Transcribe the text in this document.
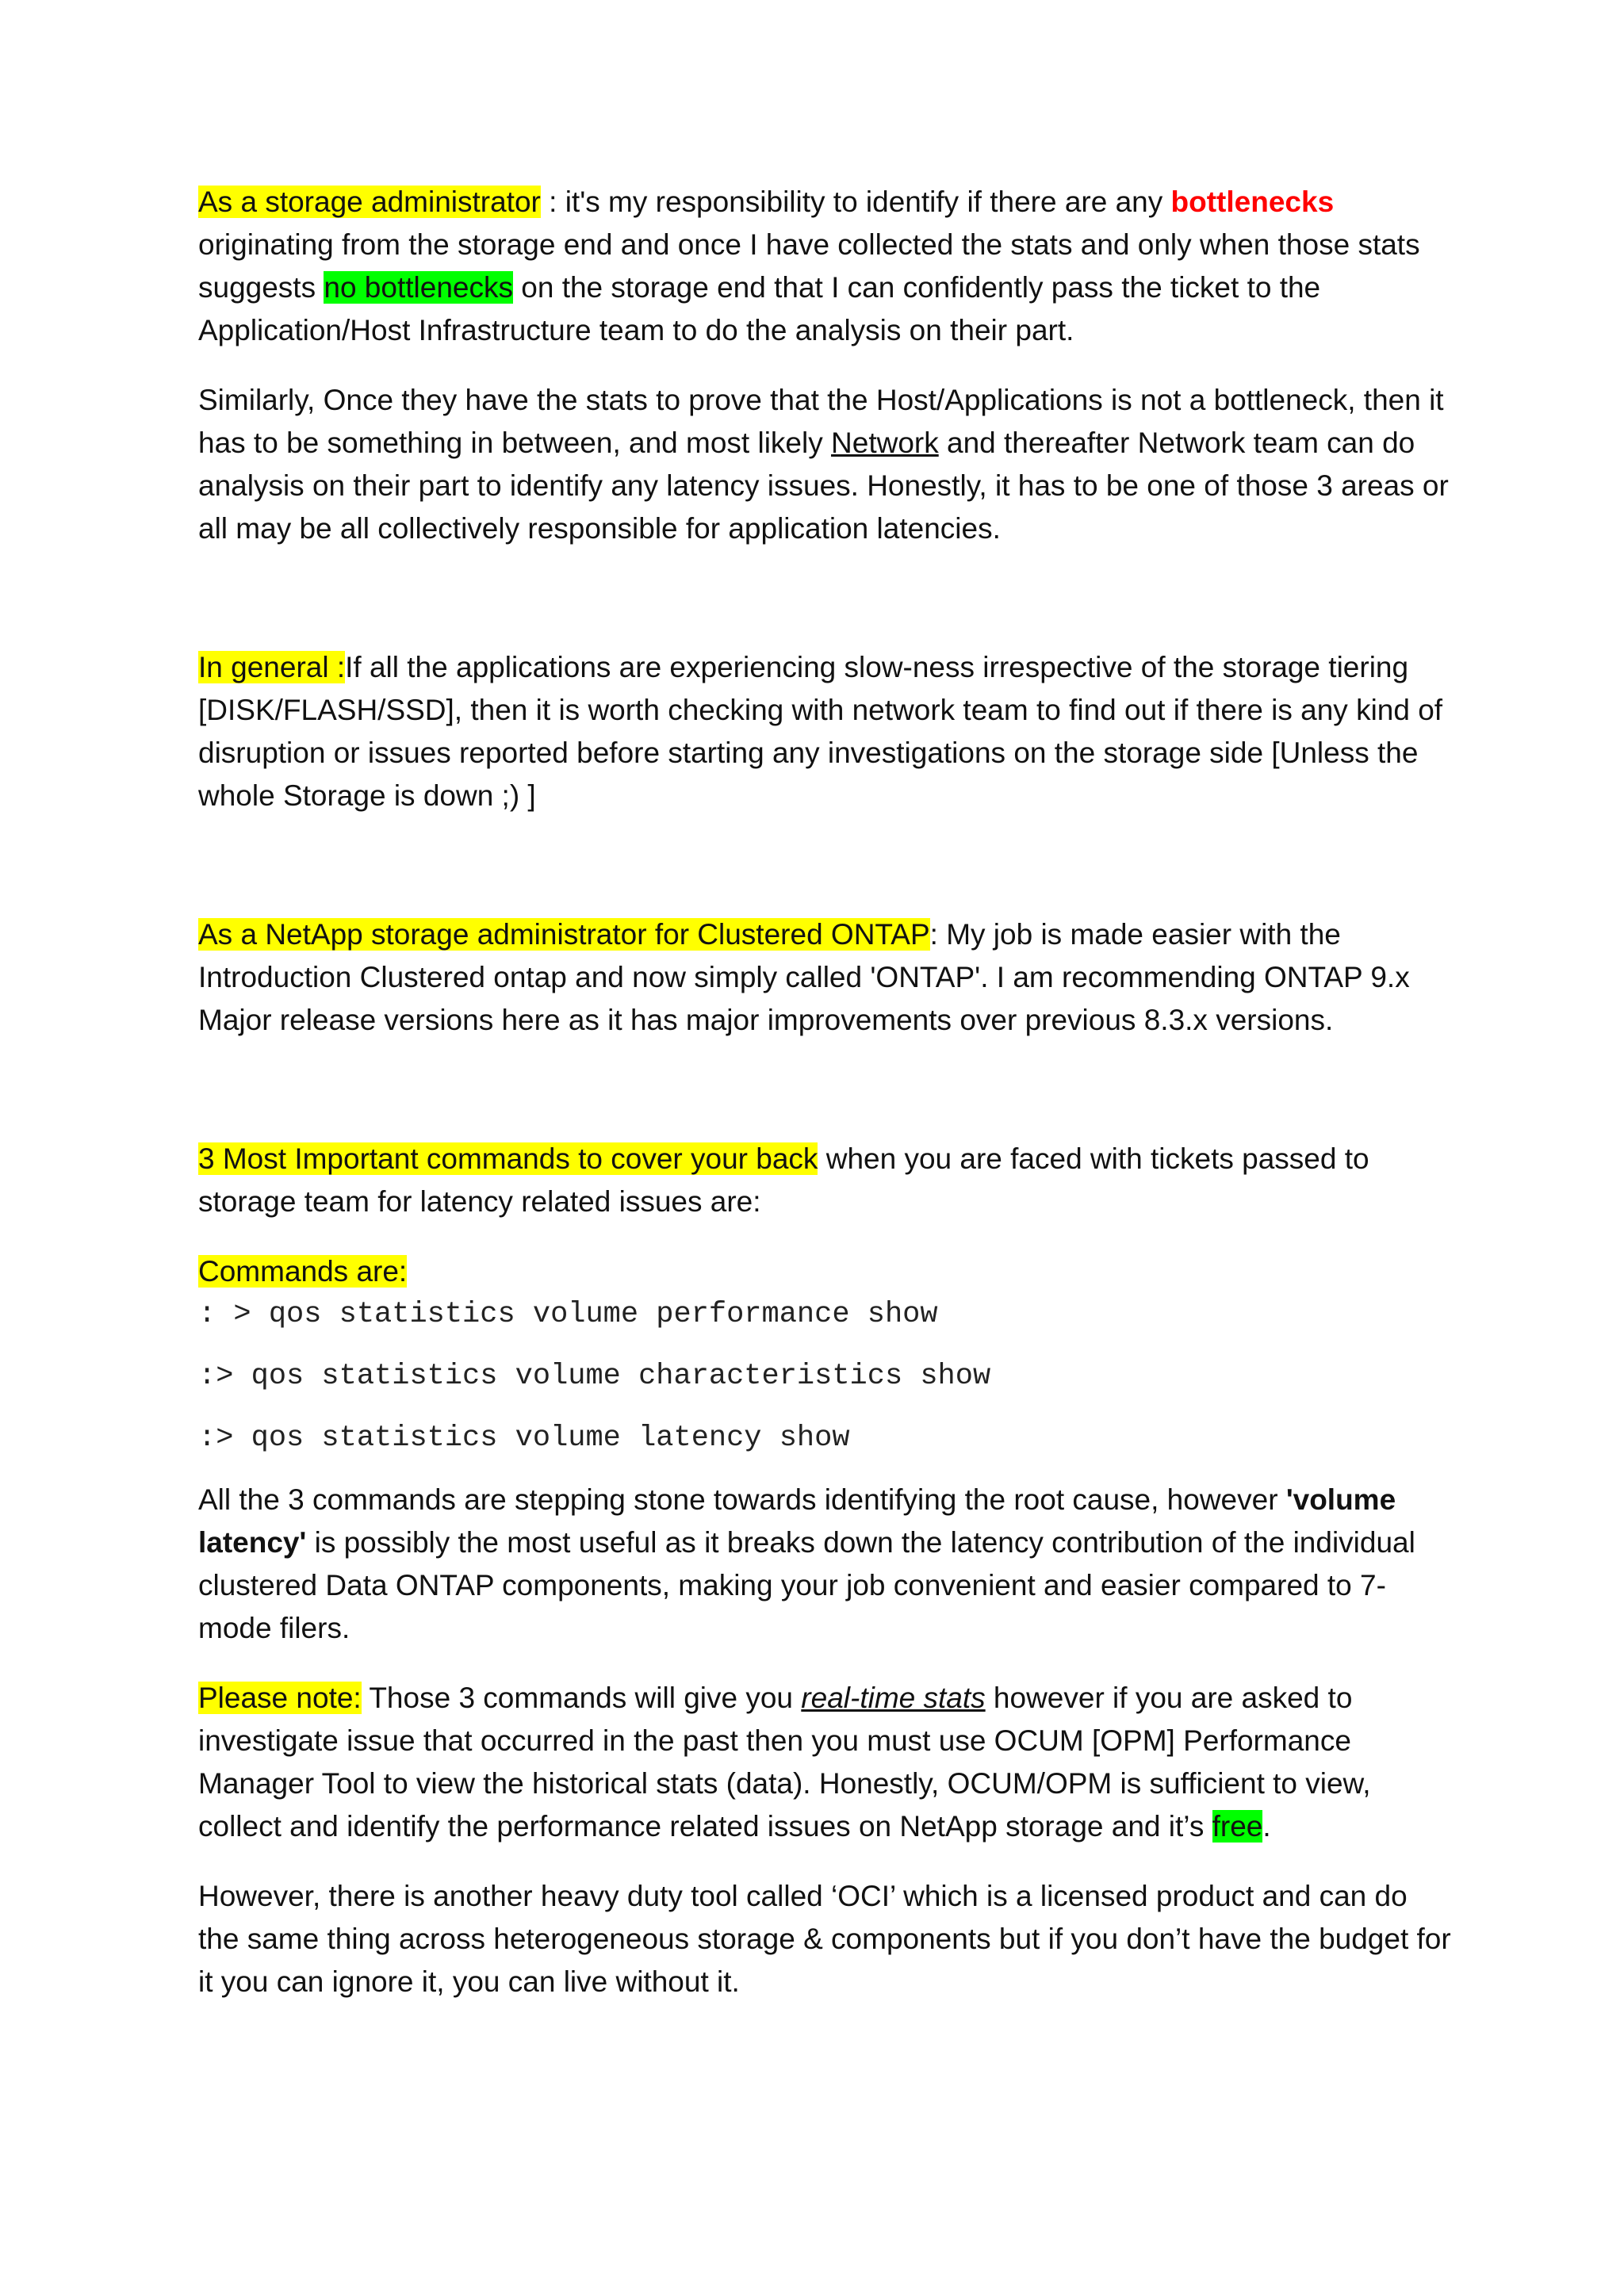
As a storage administrator : it's my responsibility to identify if there are any bottlenecks originating from the storage end and once I have collected the stats and only when those stats suggests no bottlenecks on the storage end that I can confidently pass the ticket to the Application/Host Infrastructure team to do the analysis on their part.

Similarly, Once they have the stats to prove that the Host/Applications is not a bottleneck, then it has to be something in between, and most likely Network and thereafter Network team can do analysis on their part to identify any latency issues. Honestly, it has to be one of those 3 areas or all may be all collectively responsible for application latencies.

In general :If all the applications are experiencing slow-ness irrespective of the storage tiering [DISK/FLASH/SSD], then it is worth checking with network team to find out if there is any kind of disruption or issues reported before starting any investigations on the storage side [Unless the whole Storage is down ;) ]

As a NetApp storage administrator for Clustered ONTAP: My job is made easier with the Introduction Clustered ontap and now simply called 'ONTAP'. I am recommending ONTAP 9.x Major release versions here as it has major improvements over previous 8.3.x versions.

3 Most Important commands to cover your back when you are faced with tickets passed to storage team for latency related issues are:

Commands are:

: > qos statistics volume performance show

:> qos statistics volume characteristics show

:> qos statistics volume latency show

All the 3 commands are stepping stone towards identifying the root cause, however 'volume latency' is possibly the most useful as it breaks down the latency contribution of the individual clustered Data ONTAP components, making your job convenient and easier compared to 7-mode filers.

Please note: Those 3 commands will give you real-time stats however if you are asked to investigate issue that occurred in the past then you must use OCUM [OPM] Performance Manager Tool to view the historical stats (data). Honestly, OCUM/OPM is sufficient to view, collect and identify the performance related issues on NetApp storage and it’s free.

However, there is another heavy duty tool called ‘OCI’ which is a licensed product and can do the same thing across heterogeneous storage & components but if you don’t have the budget for it you can ignore it, you can live without it.
